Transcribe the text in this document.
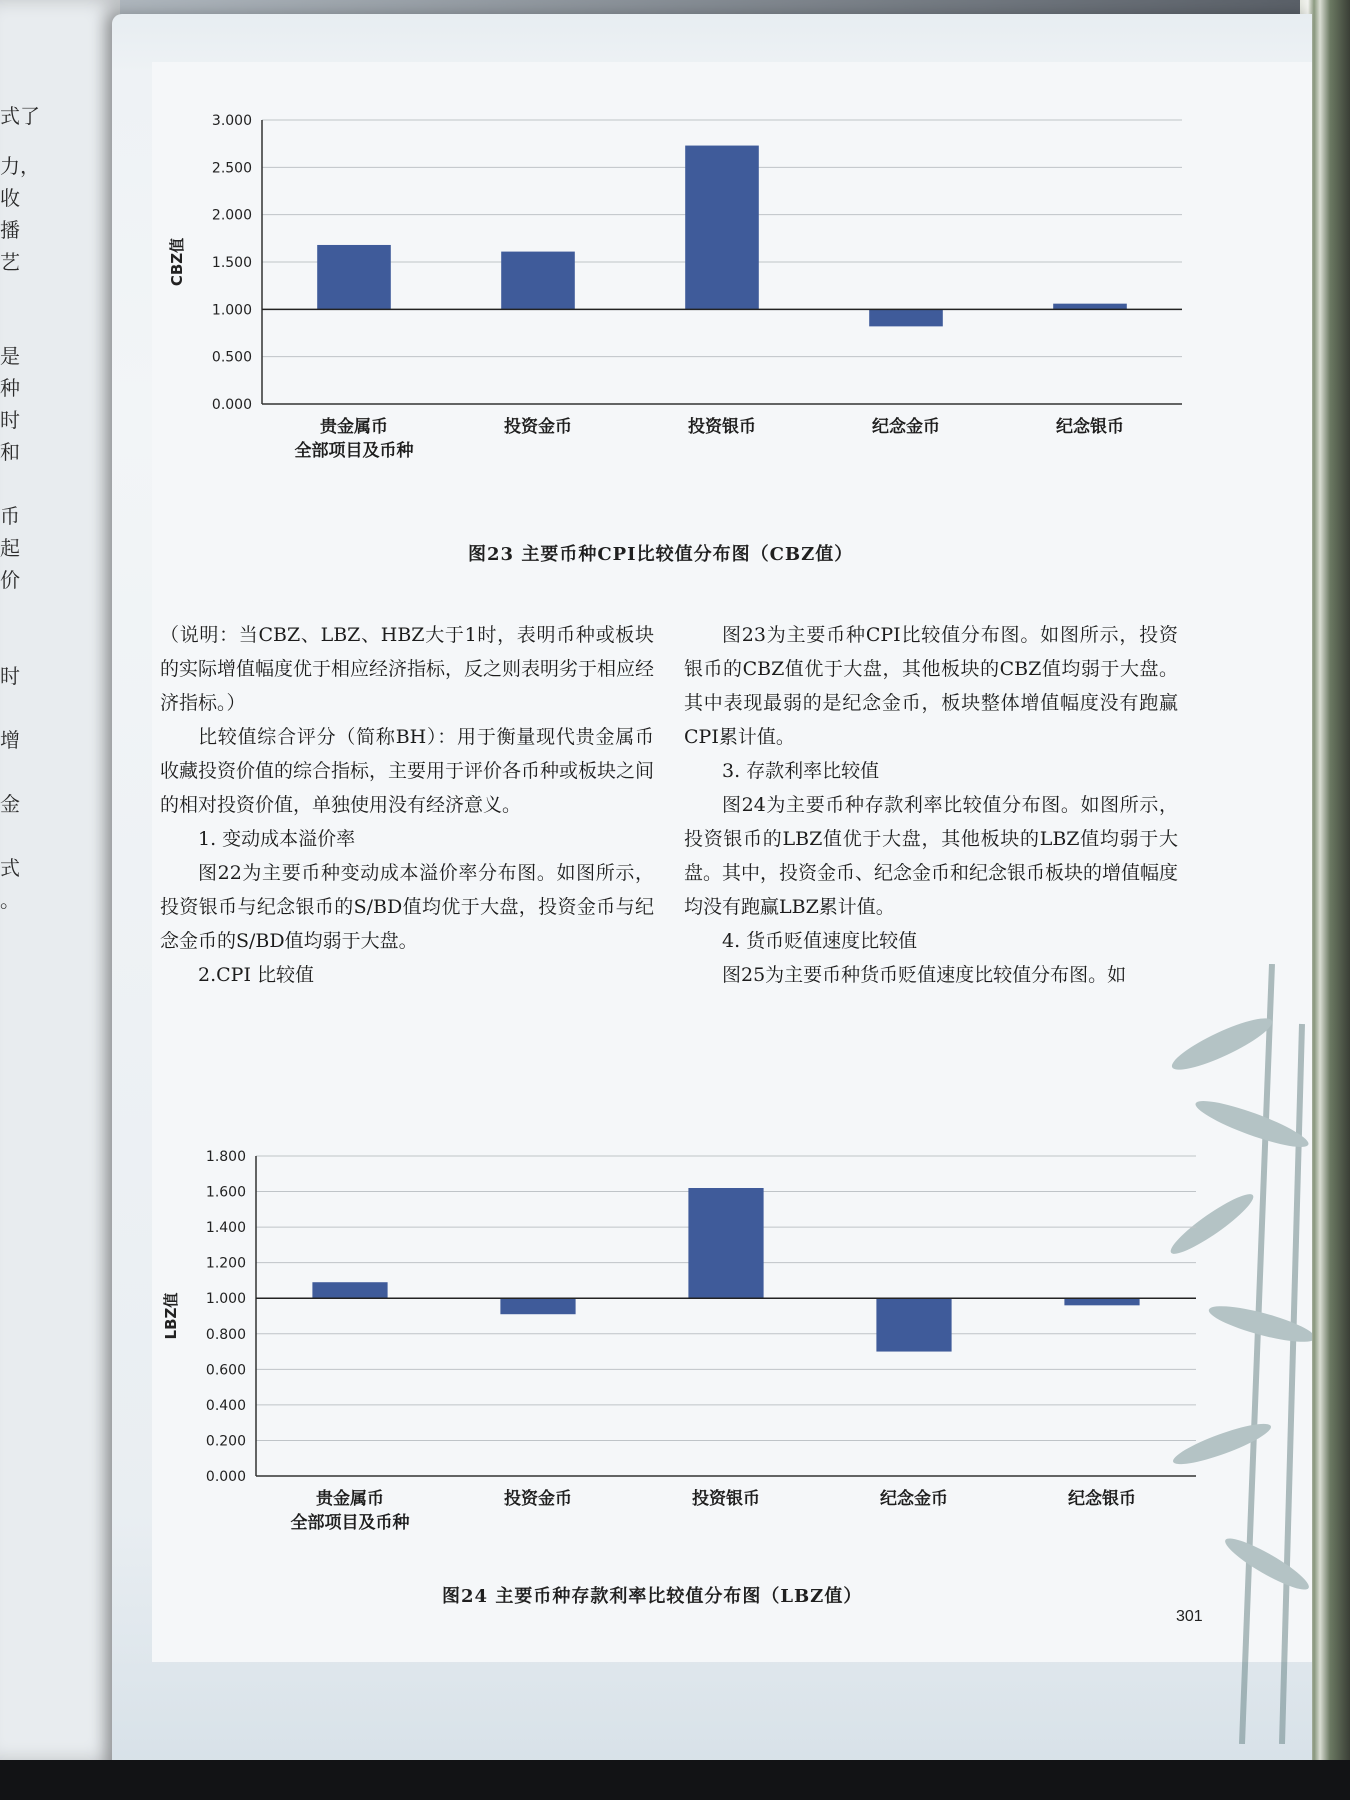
式了
力，
收
播
艺
是
种
时
和
币
起
价
时
增
金
式
。
3.000
2.500
2.000
1.500
1.000
0.500
0.000
CBZ值
贵金属币
全部项目及币种
投资金币	投资银币	纪念金币	纪念银币
图23 主要币种CPI比较值分布图（CBZ值）

（说明：当CBZ、LBZ、HBZ大于1时，表明币种或板块的实际增值幅度优于相应经济指标，反之则表明劣于相应经济指标。）

比较值综合评分（简称BH）：用于衡量现代贵金属币收藏投资价值的综合指标，主要用于评价各币种或板块之间的相对投资价值，单独使用没有经济意义。

1. 变动成本溢价率

图22为主要币种变动成本溢价率分布图。如图所示，投资银币与纪念银币的S/BD值均优于大盘，投资金币与纪念金币的S/BD值均弱于大盘。

2.CPI 比较值

图23为主要币种CPI比较值分布图。如图所示，投资银币的CBZ值优于大盘，其他板块的CBZ值均弱于大盘。其中表现最弱的是纪念金币，板块整体增值幅度没有跑赢CPI累计值。

3. 存款利率比较值

图24为主要币种存款利率比较值分布图。如图所示，投资银币的LBZ值优于大盘，其他板块的LBZ值均弱于大盘。其中，投资金币、纪念金币和纪念银币板块的增值幅度均没有跑赢LBZ累计值。

4. 货币贬值速度比较值

图25为主要币种货币贬值速度比较值分布图。如

1.800
1.600
1.400
1.200
1.000
0.800
0.600
0.400
0.200
0.000
LBZ值
贵金属币
全部项目及币种
投资金币	投资银币	纪念金币	纪念银币
图24 主要币种存款利率比较值分布图（LBZ值）
301
